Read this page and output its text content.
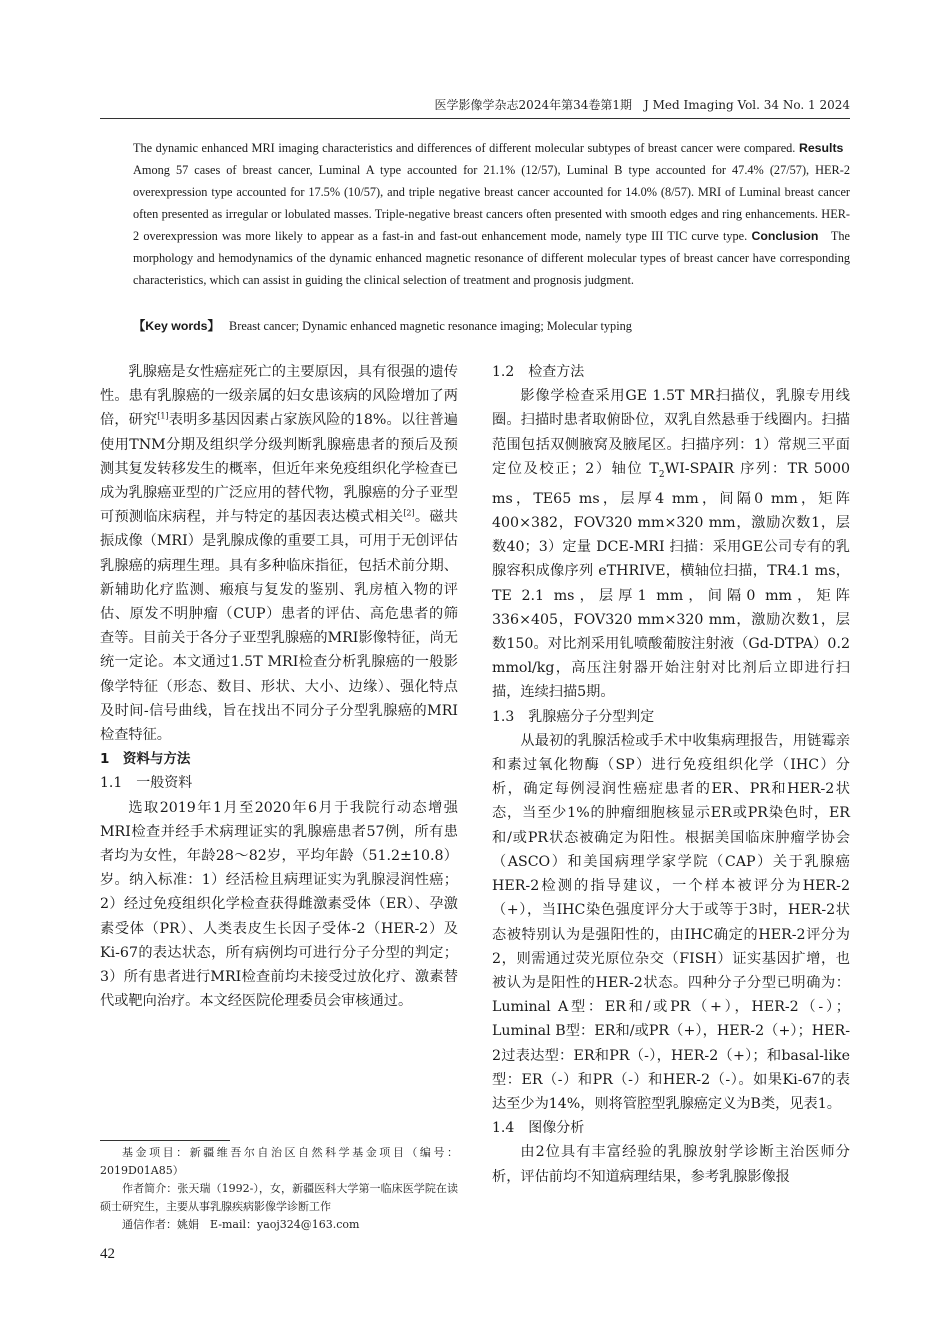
医学影像学杂志2024年第34卷第1期　J Med Imaging Vol. 34 No. 1 2024
The dynamic enhanced MRI imaging characteristics and differences of different molecular subtypes of breast cancer were compared. Results   Among 57 cases of breast cancer, Luminal A type accounted for 21.1% (12/57), Luminal B type accounted for 47.4% (27/57), HER-2 overexpression type accounted for 17.5% (10/57), and triple negative breast cancer accounted for 14.0% (8/57). MRI of Luminal breast cancer often presented as irregular or lobulated masses. Triple-negative breast cancers often presented with smooth edges and ring enhancements. HER-2 overexpression was more likely to appear as a fast-in and fast-out enhancement mode, namely type III TIC curve type. Conclusion The morphology and hemodynamics of the dynamic enhanced magnetic resonance of different molecular types of breast cancer have corresponding characteristics, which can assist in guiding the clinical selection of treatment and prognosis judgment.
【Key words】 Breast cancer; Dynamic enhanced magnetic resonance imaging; Molecular typing

乳腺癌是女性癌症死亡的主要原因，具有很强的遗传性。患有乳腺癌的一级亲属的妇女患该病的风险增加了两倍，研究[1]表明多基因因素占家族风险的18%。以往普遍使用TNM分期及组织学分级判断乳腺癌患者的预后及预测其复发转移发生的概率，但近年来免疫组织化学检查已成为乳腺癌亚型的广泛应用的替代物，乳腺癌的分子亚型可预测临床病程，并与特定的基因表达模式相关[2]。磁共振成像（MRI）是乳腺成像的重要工具，可用于无创评估乳腺癌的病理生理。具有多种临床指征，包括术前分期、新辅助化疗监测、瘢痕与复发的鉴别、乳房植入物的评估、原发不明肿瘤（CUP）患者的评估、高危患者的筛查等。目前关于各分子亚型乳腺癌的MRI影像特征，尚无统一定论。本文通过1.5T MRI检查分析乳腺癌的一般影像学特征（形态、数目、形状、大小、边缘）、强化特点及时间-信号曲线，旨在找出不同分子分型乳腺癌的MRI检查特征。

1　资料与方法
1.1　一般资料

选取2019年1月至2020年6月于我院行动态增强MRI检查并经手术病理证实的乳腺癌患者57例，所有患者均为女性，年龄28～82岁，平均年龄（51.2±10.8）岁。纳入标准：1）经活检且病理证实为乳腺浸润性癌；2）经过免疫组织化学检查获得雌激素受体（ER）、孕激素受体（PR）、人类表皮生长因子受体-2（HER-2）及Ki-67的表达状态，所有病例均可进行分子分型的判定；3）所有患者进行MRI检查前均未接受过放化疗、激素替代或靶向治疗。本文经医院伦理委员会审核通过。

1.2　检查方法

影像学检查采用GE 1.5T MR扫描仪，乳腺专用线圈。扫描时患者取俯卧位，双乳自然悬垂于线圈内。扫描范围包括双侧腋窝及腋尾区。扫描序列：1）常规三平面定位及校正；2）轴位 $T_2WI$-SPAIR 序列：TR 5000 ms，TE65 ms，层厚4 mm，间隔0 mm，矩阵 400×382，FOV320 mm×320 mm，激励次数1，层数40；3）定量 DCE-MRI 扫描：采用GE公司专有的乳腺容积成像序列 eTHRIVE，横轴位扫描，TR4.1 ms，TE 2.1 ms，层厚1 mm，间隔0 mm，矩阵 336×405，FOV320 mm×320 mm，激励次数1，层数150。对比剂采用钆喷酸葡胺注射液（Gd-DTPA）0.2 mmol/kg，高压注射器开始注射对比剂后立即进行扫描，连续扫描5期。

1.3　乳腺癌分子分型判定

从最初的乳腺活检或手术中收集病理报告，用链霉亲和素过氧化物酶（SP）进行免疫组织化学（IHC）分析，确定每例浸润性癌症患者的ER、PR和HER-2状态，当至少1%的肿瘤细胞核显示ER或PR染色时，ER和/或PR状态被确定为阳性。根据美国临床肿瘤学协会（ASCO）和美国病理学家学院（CAP）关于乳腺癌HER-2检测的指导建议，一个样本被评分为HER-2（+），当IHC染色强度评分大于或等于3时，HER-2状态被特别认为是强阳性的，由IHC确定的HER-2评分为2，则需通过荧光原位杂交（FISH）证实基因扩增，也被认为是阳性的HER-2状态。四种分子分型已明确为：Luminal A型：ER和/或PR（+），HER-2（-）；Luminal B型：ER和/或PR（+），HER-2（+）；HER-2过表达型：ER和PR（-），HER-2（+）；和basal-like型：ER（-）和PR（-）和HER-2（-）。如果Ki-67的表达至少为14%，则将管腔型乳腺癌定义为B类，见表1。

1.4　图像分析

由2位具有丰富经验的乳腺放射学诊断主治医师分析，评估前均不知道病理结果，参考乳腺影像报

基金项目：新疆维吾尔自治区自然科学基金项目（编号：2019D01A85）
作者简介：张天瑞（1992-），女，新疆医科大学第一临床医学院在读硕士研究生，主要从事乳腺疾病影像学诊断工作
通信作者：姚娟　E-mail：yaoj324@163.com
42
